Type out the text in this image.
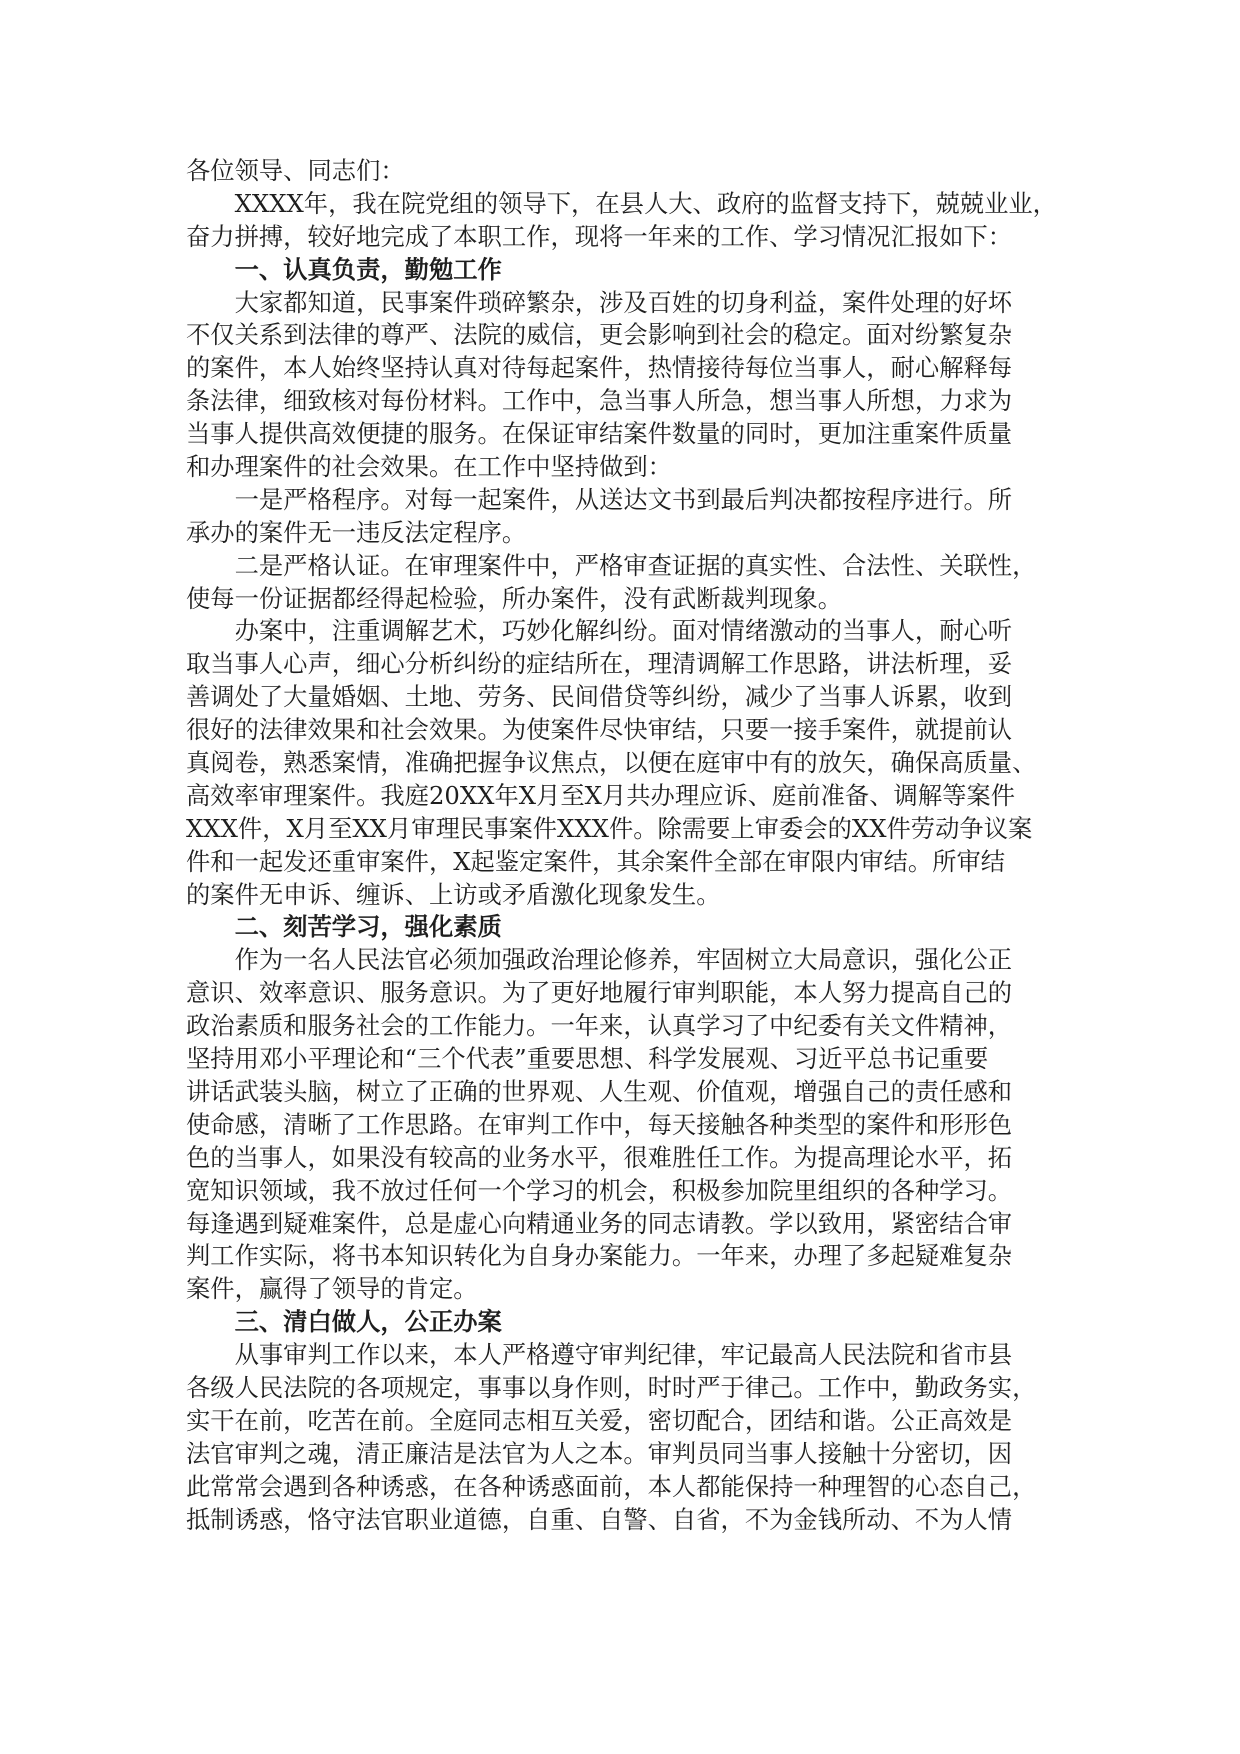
各位领导、同志们：
XXXX年，我在院党组的领导下，在县人大、政府的监督支持下，兢兢业业，
奋力拼搏，较好地完成了本职工作，现将一年来的工作、学习情况汇报如下：
一、认真负责，勤勉工作
大家都知道，民事案件琐碎繁杂，涉及百姓的切身利益，案件处理的好坏
不仅关系到法律的尊严、法院的威信，更会影响到社会的稳定。面对纷繁复杂
的案件，本人始终坚持认真对待每起案件，热情接待每位当事人，耐心解释每
条法律，细致核对每份材料。工作中，急当事人所急，想当事人所想，力求为
当事人提供高效便捷的服务。在保证审结案件数量的同时，更加注重案件质量
和办理案件的社会效果。在工作中坚持做到：
一是严格程序。对每一起案件，从送达文书到最后判决都按程序进行。所
承办的案件无一违反法定程序。
二是严格认证。在审理案件中，严格审查证据的真实性、合法性、关联性，
使每一份证据都经得起检验，所办案件，没有武断裁判现象。
办案中，注重调解艺术，巧妙化解纠纷。面对情绪激动的当事人，耐心听
取当事人心声，细心分析纠纷的症结所在，理清调解工作思路，讲法析理，妥
善调处了大量婚姻、土地、劳务、民间借贷等纠纷，减少了当事人诉累，收到
很好的法律效果和社会效果。为使案件尽快审结，只要一接手案件，就提前认
真阅卷，熟悉案情，准确把握争议焦点，以便在庭审中有的放矢，确保高质量、
高效率审理案件。我庭20XX年X月至X月共办理应诉、庭前准备、调解等案件
XXX件，X月至XX月审理民事案件XXX件。除需要上审委会的XX件劳动争议案
件和一起发还重审案件，X起鉴定案件，其余案件全部在审限内审结。所审结
的案件无申诉、缠诉、上访或矛盾激化现象发生。
二、刻苦学习，强化素质
作为一名人民法官必须加强政治理论修养，牢固树立大局意识，强化公正
意识、效率意识、服务意识。为了更好地履行审判职能，本人努力提高自己的
政治素质和服务社会的工作能力。一年来，认真学习了中纪委有关文件精神，
坚持用邓小平理论和“三个代表”重要思想、科学发展观、习近平总书记重要
讲话武装头脑，树立了正确的世界观、人生观、价值观，增强自己的责任感和
使命感，清晰了工作思路。在审判工作中，每天接触各种类型的案件和形形色
色的当事人，如果没有较高的业务水平，很难胜任工作。为提高理论水平，拓
宽知识领域，我不放过任何一个学习的机会，积极参加院里组织的各种学习。
每逢遇到疑难案件，总是虚心向精通业务的同志请教。学以致用，紧密结合审
判工作实际，将书本知识转化为自身办案能力。一年来，办理了多起疑难复杂
案件，赢得了领导的肯定。
三、清白做人，公正办案
从事审判工作以来，本人严格遵守审判纪律，牢记最高人民法院和省市县
各级人民法院的各项规定，事事以身作则，时时严于律己。工作中，勤政务实，
实干在前，吃苦在前。全庭同志相互关爱，密切配合，团结和谐。公正高效是
法官审判之魂，清正廉洁是法官为人之本。审判员同当事人接触十分密切，因
此常常会遇到各种诱惑，在各种诱惑面前，本人都能保持一种理智的心态自己，
抵制诱惑，恪守法官职业道德，自重、自警、自省，不为金钱所动、不为人情
